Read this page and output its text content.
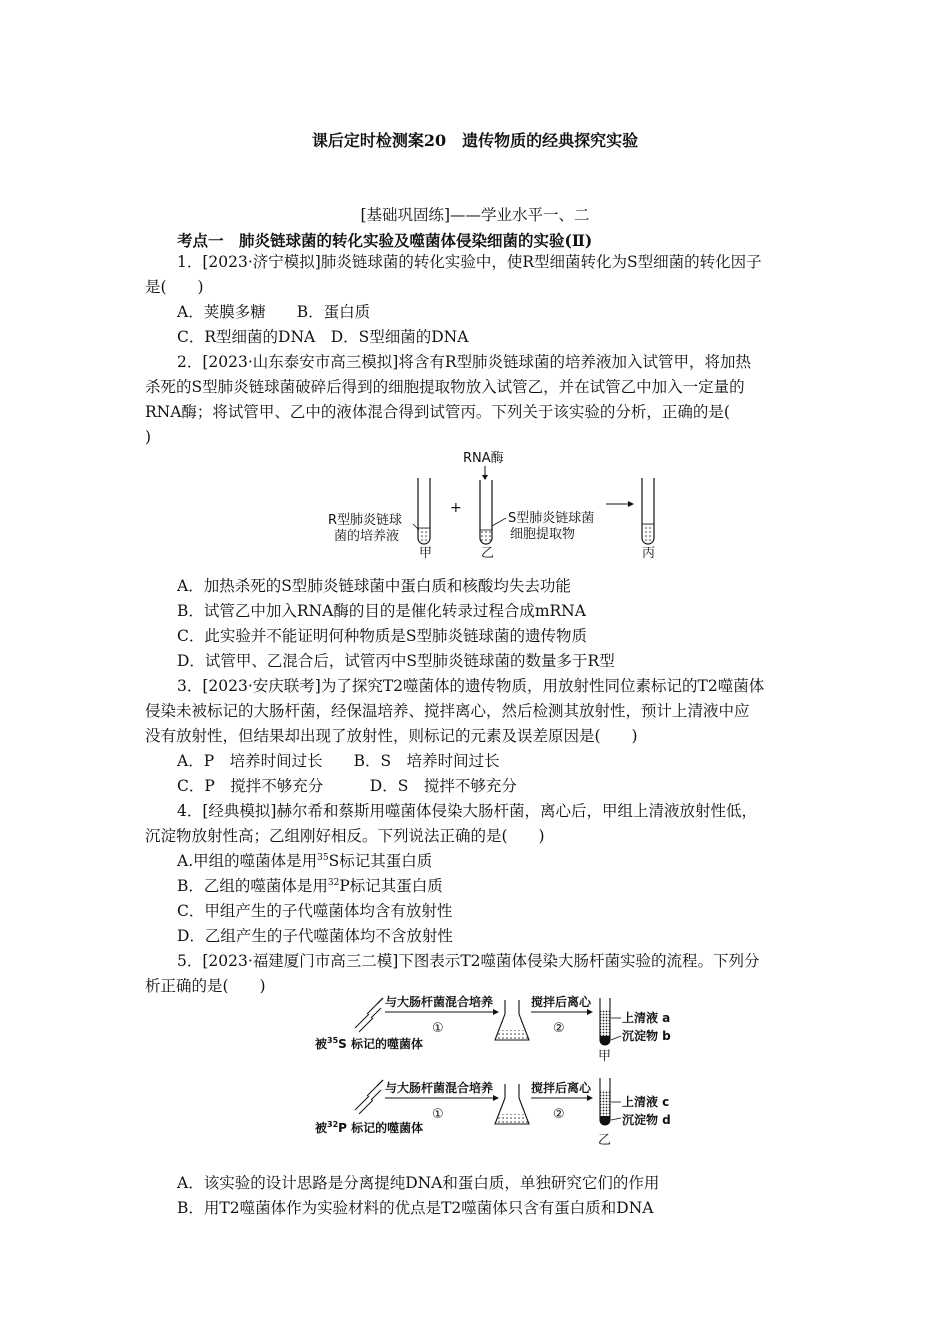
课后定时检测案20　遗传物质的经典探究实验
[基础巩固练]——学业水平一、二
考点一　肺炎链球菌的转化实验及噬菌体侵染细菌的实验(Ⅱ)
1．[2023·济宁模拟]肺炎链球菌的转化实验中，使R型细菌转化为S型细菌的转化因子
是(　　)
A．荚膜多糖　　B．蛋白质
C．R型细菌的DNA　D．S型细菌的DNA
2．[2023·山东泰安市高三模拟]将含有R型肺炎链球菌的培养液加入试管甲，将加热
杀死的S型肺炎链球菌破碎后得到的细胞提取物放入试管乙，并在试管乙中加入一定量的
RNA酶；将试管甲、乙中的液体混合得到试管丙。下列关于该实验的分析，正确的是(
)
RNA酶
R型肺炎链球
菌的培养液
甲
+
S型肺炎链球菌
细胞提取物
乙	丙
A．加热杀死的S型肺炎链球菌中蛋白质和核酸均失去功能
B．试管乙中加入RNA酶的目的是催化转录过程合成mRNA
C．此实验并不能证明何种物质是S型肺炎链球菌的遗传物质
D．试管甲、乙混合后，试管丙中S型肺炎链球菌的数量多于R型
3．[2023·安庆联考]为了探究T2噬菌体的遗传物质，用放射性同位素标记的T2噬菌体
侵染未被标记的大肠杆菌，经保温培养、搅拌离心，然后检测其放射性，预计上清液中应
没有放射性，但结果却出现了放射性，则标记的元素及误差原因是(　　)
A．P　培养时间过长　　B．S　培养时间过长
C．P　搅拌不够充分　　　D．S　搅拌不够充分
4．[经典模拟]赫尔希和蔡斯用噬菌体侵染大肠杆菌，离心后，甲组上清液放射性低，
沉淀物放射性高；乙组刚好相反。下列说法正确的是(　　)
A.甲组的噬菌体是用$^{35}$S标记其蛋白质
B．乙组的噬菌体是用$^{32}$P标记其蛋白质
C．甲组产生的子代噬菌体均含有放射性
D．乙组产生的子代噬菌体均不含放射性
5．[2023·福建厦门市高三二模]下图表示T2噬菌体侵染大肠杆菌实验的流程。下列分
析正确的是(　　)
与大肠杆菌混合培养
①
搅拌后离心
②
上清液 a
沉淀物 b
甲
被$^{35}$S 标记的噬菌体
与大肠杆菌混合培养
①
搅拌后离心
②
上清液 c
沉淀物 d
乙
被$^{32}$P 标记的噬菌体
A．该实验的设计思路是分离提纯DNA和蛋白质，单独研究它们的作用
B．用T2噬菌体作为实验材料的优点是T2噬菌体只含有蛋白质和DNA
